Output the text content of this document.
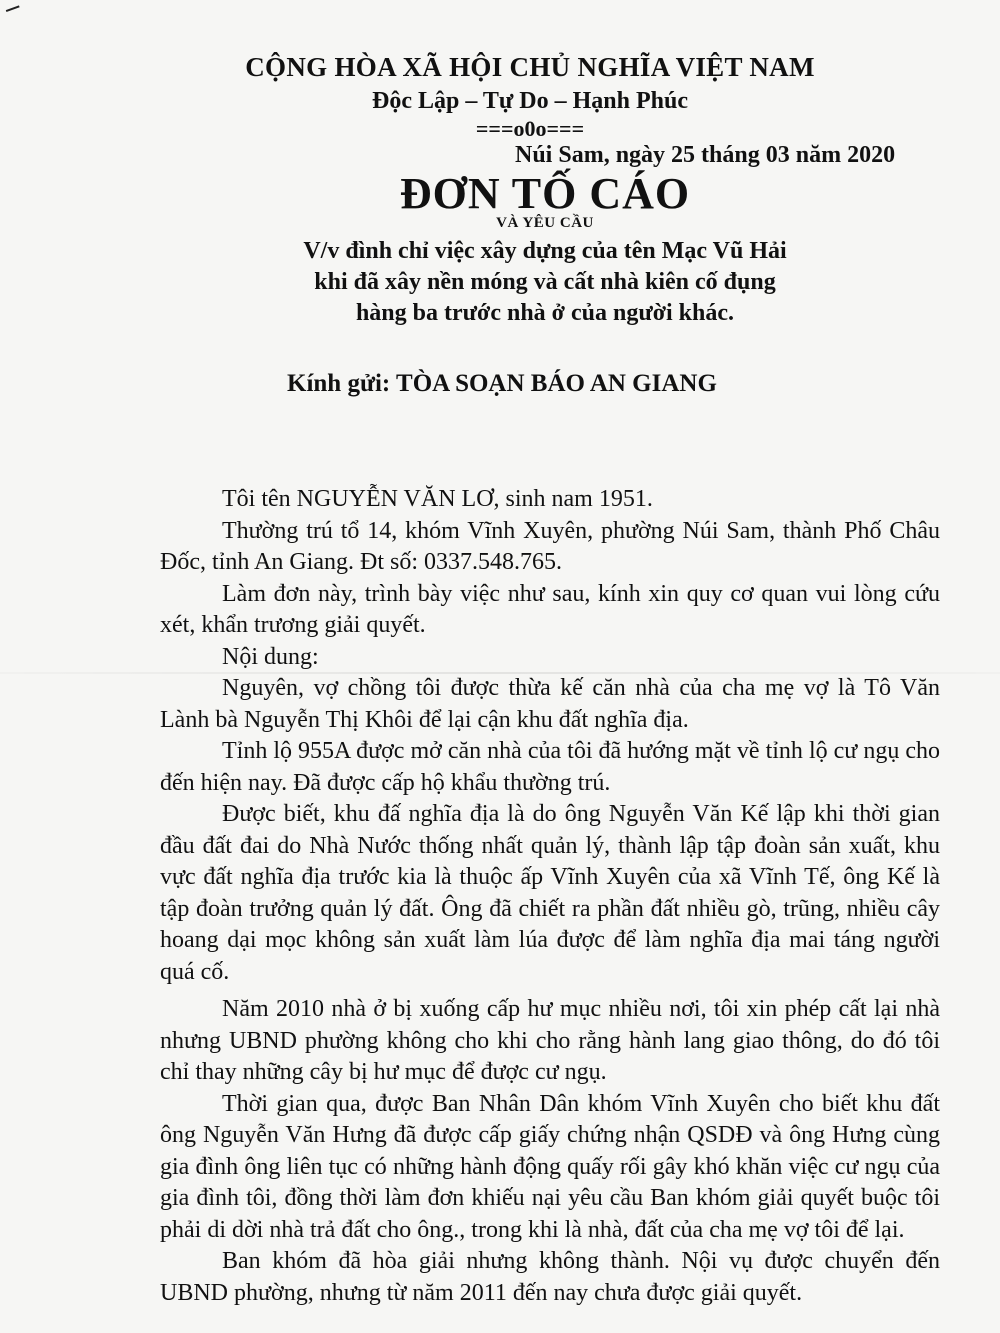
CỘNG HÒA XÃ HỘI CHỦ NGHĨA VIỆT NAM
Độc Lập – Tự Do – Hạnh Phúc
===o0o===
Núi Sam, ngày 25 tháng 03 năm 2020
ĐƠN TỐ CÁO
VÀ YÊU CẦU
V/v đình chỉ việc xây dựng của tên Mạc Vũ Hải
khi đã xây nền móng và cất nhà kiên cố đụng
hàng ba trước nhà ở của người khác.
Kính gửi: TÒA SOẠN BÁO AN GIANG

Tôi tên NGUYỄN VĂN LƠ, sinh nam 1951.

Thường trú tổ 14, khóm Vĩnh Xuyên, phường Núi Sam, thành Phố Châu Đốc, tỉnh An Giang. Đt số: 0337.548.765.

Làm đơn này, trình bày việc như sau, kính xin quy cơ quan vui lòng cứu xét, khẩn trương giải quyết.

Nội dung:

Nguyên, vợ chồng tôi được thừa kế căn nhà của cha mẹ vợ là Tô Văn Lành bà Nguyễn Thị Khôi để lại cận khu đất nghĩa địa.

Tỉnh lộ 955A được mở căn nhà của tôi đã hướng mặt về tỉnh lộ cư ngụ cho đến hiện nay. Đã được cấp hộ khẩu thường trú.

Được biết, khu đấ nghĩa địa là do ông Nguyễn Văn Kế lập khi thời gian đầu đất đai do Nhà Nước thống nhất quản lý, thành lập tập đoàn sản xuất, khu vực đất nghĩa địa trước kia là thuộc ấp Vĩnh Xuyên của xã Vĩnh Tế, ông Kế là tập đoàn trưởng quản lý đất. Ông đã chiết ra phần đất nhiều gò, trũng, nhiều cây hoang dại mọc không sản xuất làm lúa được để làm nghĩa địa mai táng người quá cố.

Năm 2010 nhà ở bị xuống cấp hư mục nhiều nơi, tôi xin phép cất lại nhà nhưng UBND phường không cho khi cho rằng hành lang giao thông, do đó tôi chỉ thay những cây bị hư mục để được cư ngụ.

Thời gian qua, được Ban Nhân Dân khóm Vĩnh Xuyên cho biết khu đất ông Nguyễn Văn Hưng đã được cấp giấy chứng nhận QSDĐ và ông Hưng cùng gia đình ông liên tục có những hành động quấy rối gây khó khăn việc cư ngụ của gia đình tôi, đồng thời làm đơn khiếu nại yêu cầu Ban khóm giải quyết buộc tôi phải di dời nhà trả đất cho ông., trong khi là nhà, đất của cha mẹ vợ tôi để lại.

Ban khóm đã hòa giải nhưng không thành. Nội vụ được chuyển đến UBND phường, nhưng từ năm 2011 đến nay chưa được giải quyết.
